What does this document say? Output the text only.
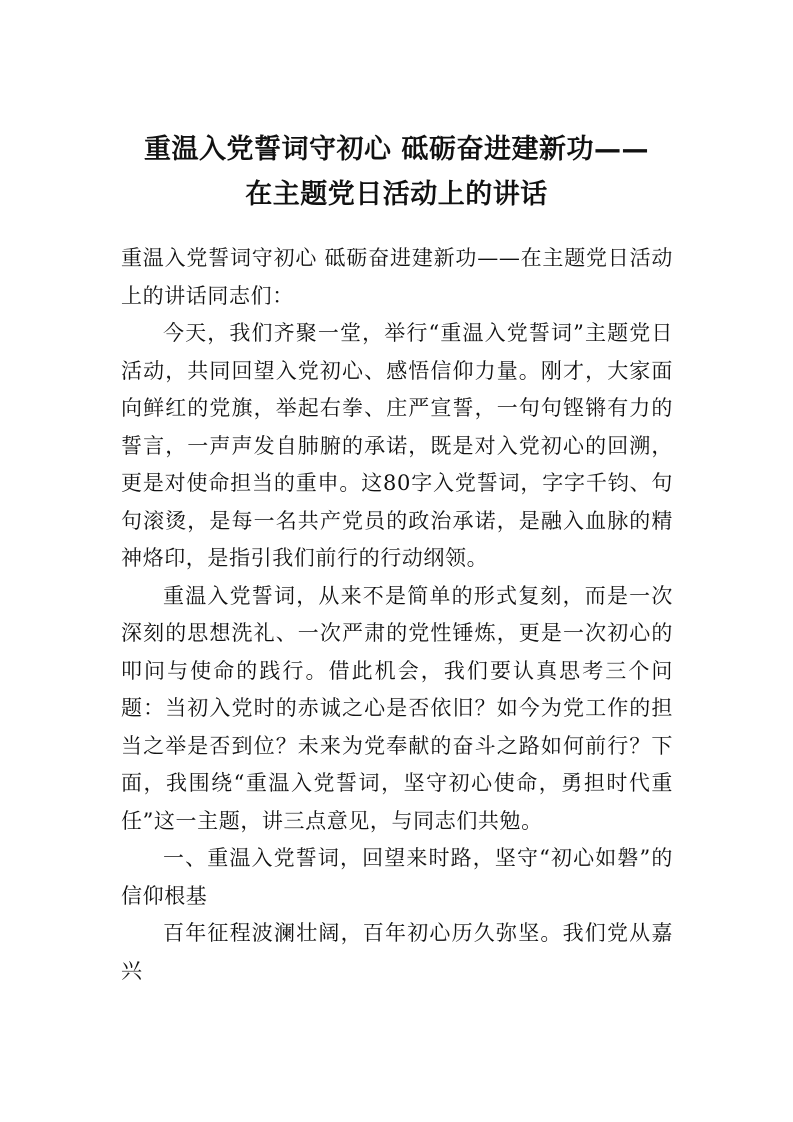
重温入党誓词守初心 砥砺奋进建新功——
在主题党日活动上的讲话

重温入党誓词守初心 砥砺奋进建新功——在主题党日活动上的讲话同志们：

今天，我们齐聚一堂，举行“重温入党誓词”主题党日活动，共同回望入党初心、感悟信仰力量。刚才，大家面向鲜红的党旗，举起右拳、庄严宣誓，一句句铿锵有力的誓言，一声声发自肺腑的承诺，既是对入党初心的回溯，更是对使命担当的重申。这80字入党誓词，字字千钧、句句滚烫，是每一名共产党员的政治承诺，是融入血脉的精神烙印，是指引我们前行的行动纲领。

重温入党誓词，从来不是简单的形式复刻，而是一次深刻的思想洗礼、一次严肃的党性锤炼，更是一次初心的叩问与使命的践行。借此机会，我们要认真思考三个问题：当初入党时的赤诚之心是否依旧？如今为党工作的担当之举是否到位？未来为党奉献的奋斗之路如何前行？下面，我围绕“重温入党誓词，坚守初心使命，勇担时代重任”这一主题，讲三点意见，与同志们共勉。

一、重温入党誓词，回望来时路，坚守“初心如磐”的信仰根基

百年征程波澜壮阔，百年初心历久弥坚。我们党从嘉兴
